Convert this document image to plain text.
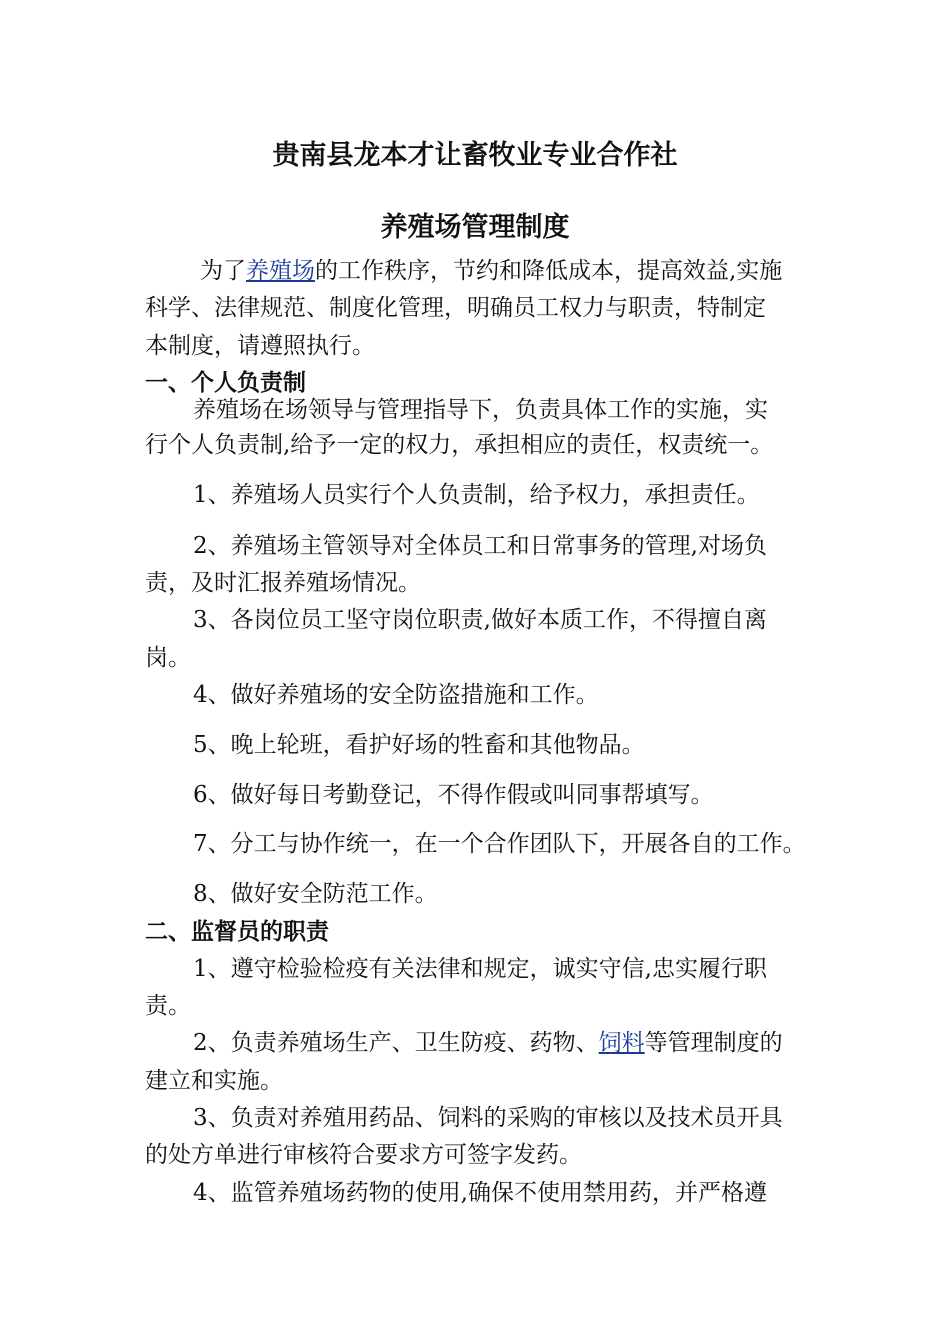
贵南县龙本才让畜牧业专业合作社
养殖场管理制度

为了养殖场的工作秩序，节约和降低成本，提高效益,实施

科学、法律规范、制度化管理，明确员工权力与职责，特制定

本制度，请遵照执行。

一、个人负责制

养殖场在场领导与管理指导下，负责具体工作的实施，实

行个人负责制,给予一定的权力，承担相应的责任，权责统一。

1、养殖场人员实行个人负责制，给予权力，承担责任。

2、养殖场主管领导对全体员工和日常事务的管理,对场负

责，及时汇报养殖场情况。

3、各岗位员工坚守岗位职责,做好本质工作，不得擅自离

岗。

4、做好养殖场的安全防盗措施和工作。

5、晚上轮班，看护好场的牲畜和其他物品。

6、做好每日考勤登记，不得作假或叫同事帮填写。

7、分工与协作统一，在一个合作团队下，开展各自的工作。

8、做好安全防范工作。

二、监督员的职责

1、遵守检验检疫有关法律和规定，诚实守信,忠实履行职

责。

2、负责养殖场生产、卫生防疫、药物、饲料等管理制度的

建立和实施。

3、负责对养殖用药品、饲料的采购的审核以及技术员开具

的处方单进行审核符合要求方可签字发药。

4、监管养殖场药物的使用,确保不使用禁用药，并严格遵
